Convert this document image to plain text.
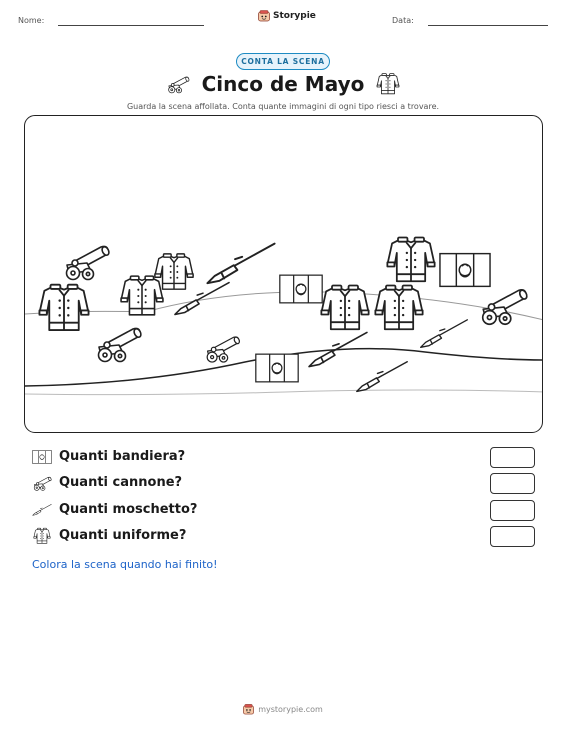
Nome:	Storypie	Data:
CONTA LA SCENA
Cinco de Mayo
Guarda la scena affollata. Conta quante immagini di ogni tipo riesci a trovare.
Quanti bandiera?
Quanti cannone?
Quanti moschetto?
Quanti uniforme?
Colora la scena quando hai finito!
mystorypie.com
